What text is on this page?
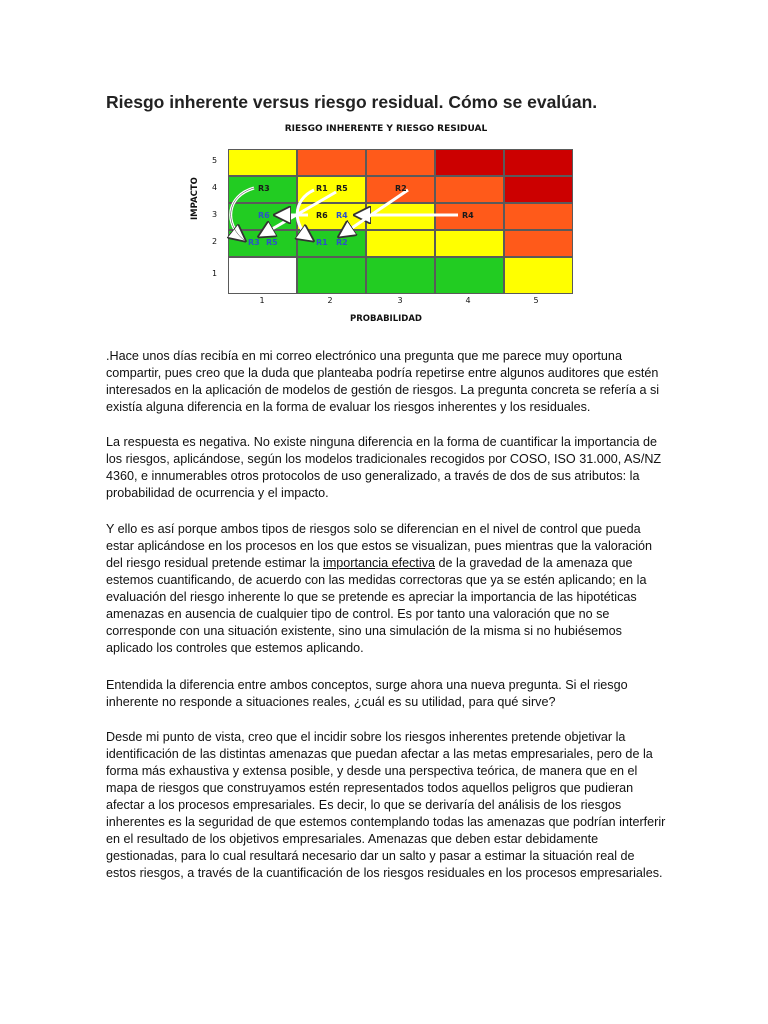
Riesgo inherente versus riesgo residual. Cómo se evalúan.
RIESGO INHERENTE Y RIESGO RESIDUAL
IMPACTO
PROBABILIDAD
5
4
3
2
1
1	2	3	4	5
R3	R1 R5	R2
R6	R4
R3 R5	R1 R2
R6	R4

.Hace unos días recibía en mi correo electrónico una pregunta que me parece muy oportuna compartir, pues creo que la duda que planteaba podría repetirse entre algunos auditores que estén interesados en la aplicación de modelos de gestión de riesgos. La pregunta concreta se refería a si existía alguna diferencia en la forma de evaluar los riesgos inherentes y los residuales.

La respuesta es negativa. No existe ninguna diferencia en la forma de cuantificar la importancia de los riesgos, aplicándose, según los modelos tradicionales recogidos por COSO, ISO 31.000, AS/NZ 4360, e innumerables otros protocolos de uso generalizado, a través de dos de sus atributos: la probabilidad de ocurrencia y el impacto.

Y ello es así porque ambos tipos de riesgos solo se diferencian en el nivel de control que pueda estar aplicándose en los procesos en los que estos se visualizan, pues mientras que la valoración del riesgo residual pretende estimar la importancia efectiva de la gravedad de la amenaza que estemos cuantificando, de acuerdo con las medidas correctoras que ya se estén aplicando; en la evaluación del riesgo inherente lo que se pretende es apreciar la importancia de las hipotéticas amenazas en ausencia de cualquier tipo de control. Es por tanto una valoración que no se corresponde con una situación existente, sino una simulación de la misma si no hubiésemos aplicado los controles que estemos aplicando.

Entendida la diferencia entre ambos conceptos, surge ahora una nueva pregunta. Si el riesgo inherente no responde a situaciones reales, ¿cuál es su utilidad, para qué sirve?

Desde mi punto de vista, creo que el incidir sobre los riesgos inherentes pretende objetivar la identificación de las distintas amenazas que puedan afectar a las metas empresariales, pero de la forma más exhaustiva y extensa posible, y desde una perspectiva teórica, de manera que en el mapa de riesgos que construyamos estén representados todos aquellos peligros que pudieran afectar a los procesos empresariales. Es decir, lo que se derivaría del análisis de los riesgos inherentes es la seguridad de que estemos contemplando todas las amenazas que podrían interferir en el resultado de los objetivos empresariales. Amenazas que deben estar debidamente gestionadas, para lo cual resultará necesario dar un salto y pasar a estimar la situación real de estos riesgos, a través de la cuantificación de los riesgos residuales en los procesos empresariales.
